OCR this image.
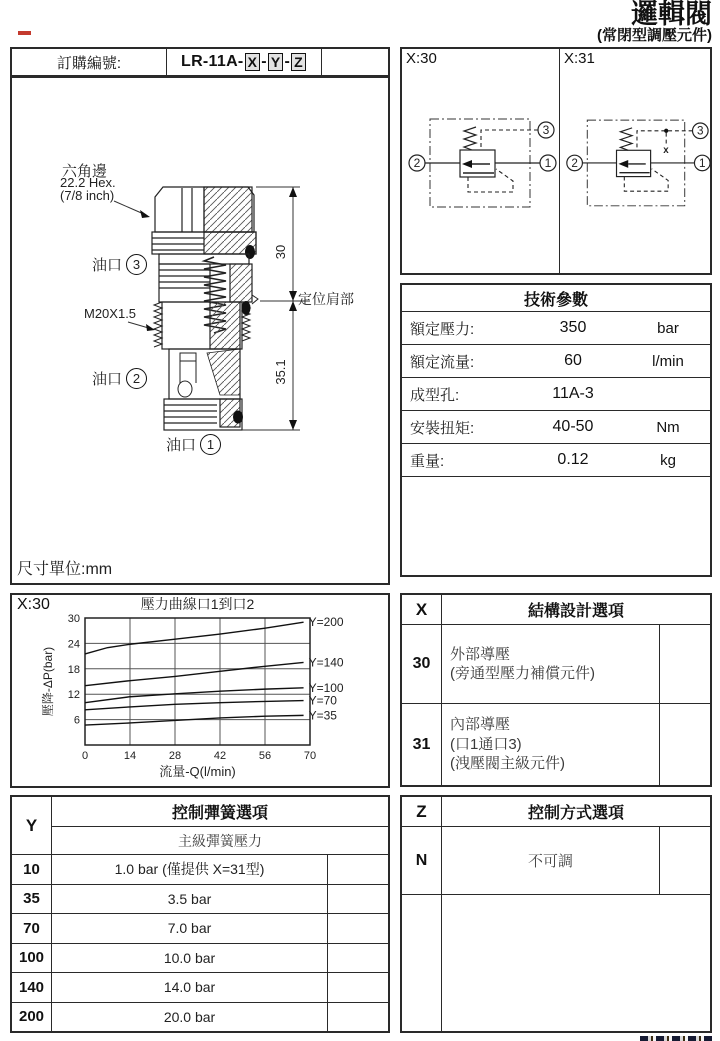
邏輯閥
(常閉型調壓元件)
訂購編號:	LR-11A- X - Y - Z
30
35.1
六角邊
22.2 Hex.
(7/8 inch)
油口 3
M20X1.5
油口 2
油口 1
定位肩部
尺寸單位:mm
X:30
2	1
3
X:31
x
2	1
3
技術參數
額定壓力:	350	bar
額定流量:	60	l/min
成型孔:	11A-3
安裝扭矩:	40-50	Nm
重量:	0.12	kg
X:30
0	14	28	42	56	70
6
12
18
24
30
壓力曲線口1到口2
流量-Q(l/min)
壓降-ΔP(bar)
Y=200
Y=140
Y=100
Y=70
Y=35
X	結構設計選項
30
外部導壓
(旁通型壓力補償元件)
31
內部導壓
(口1通口3)
(洩壓閥主級元件)
Y
控制彈簧選項
主級彈簧壓力
10	1.0 bar (僅提供 X=31型)
35	3.5 bar
70	7.0 bar
100	10.0 bar
140	14.0 bar
200	20.0 bar
Z	控制方式選項
N	不可調
